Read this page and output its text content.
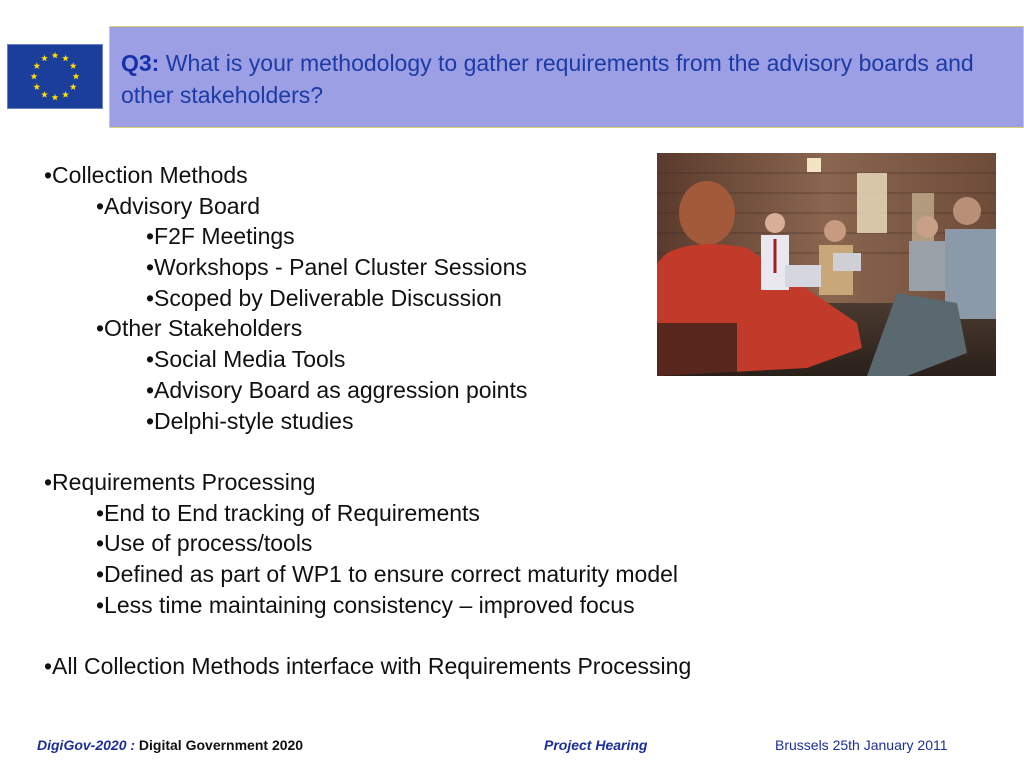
Q3: What is your methodology to gather requirements from the advisory boards and other stakeholders?
•Collection Methods
•Advisory Board
•F2F Meetings
•Workshops - Panel Cluster Sessions
•Scoped by Deliverable Discussion
•Other Stakeholders
•Social Media Tools
•Advisory Board as aggression points
•Delphi-style studies
•Requirements Processing
•End to End tracking of Requirements
•Use of process/tools
•Defined as part of WP1 to ensure correct maturity model
•Less time maintaining consistency – improved focus
•All Collection Methods interface with Requirements Processing
DigiGov-2020 : Digital Government 2020	Project Hearing	Brussels 25th January 2011
